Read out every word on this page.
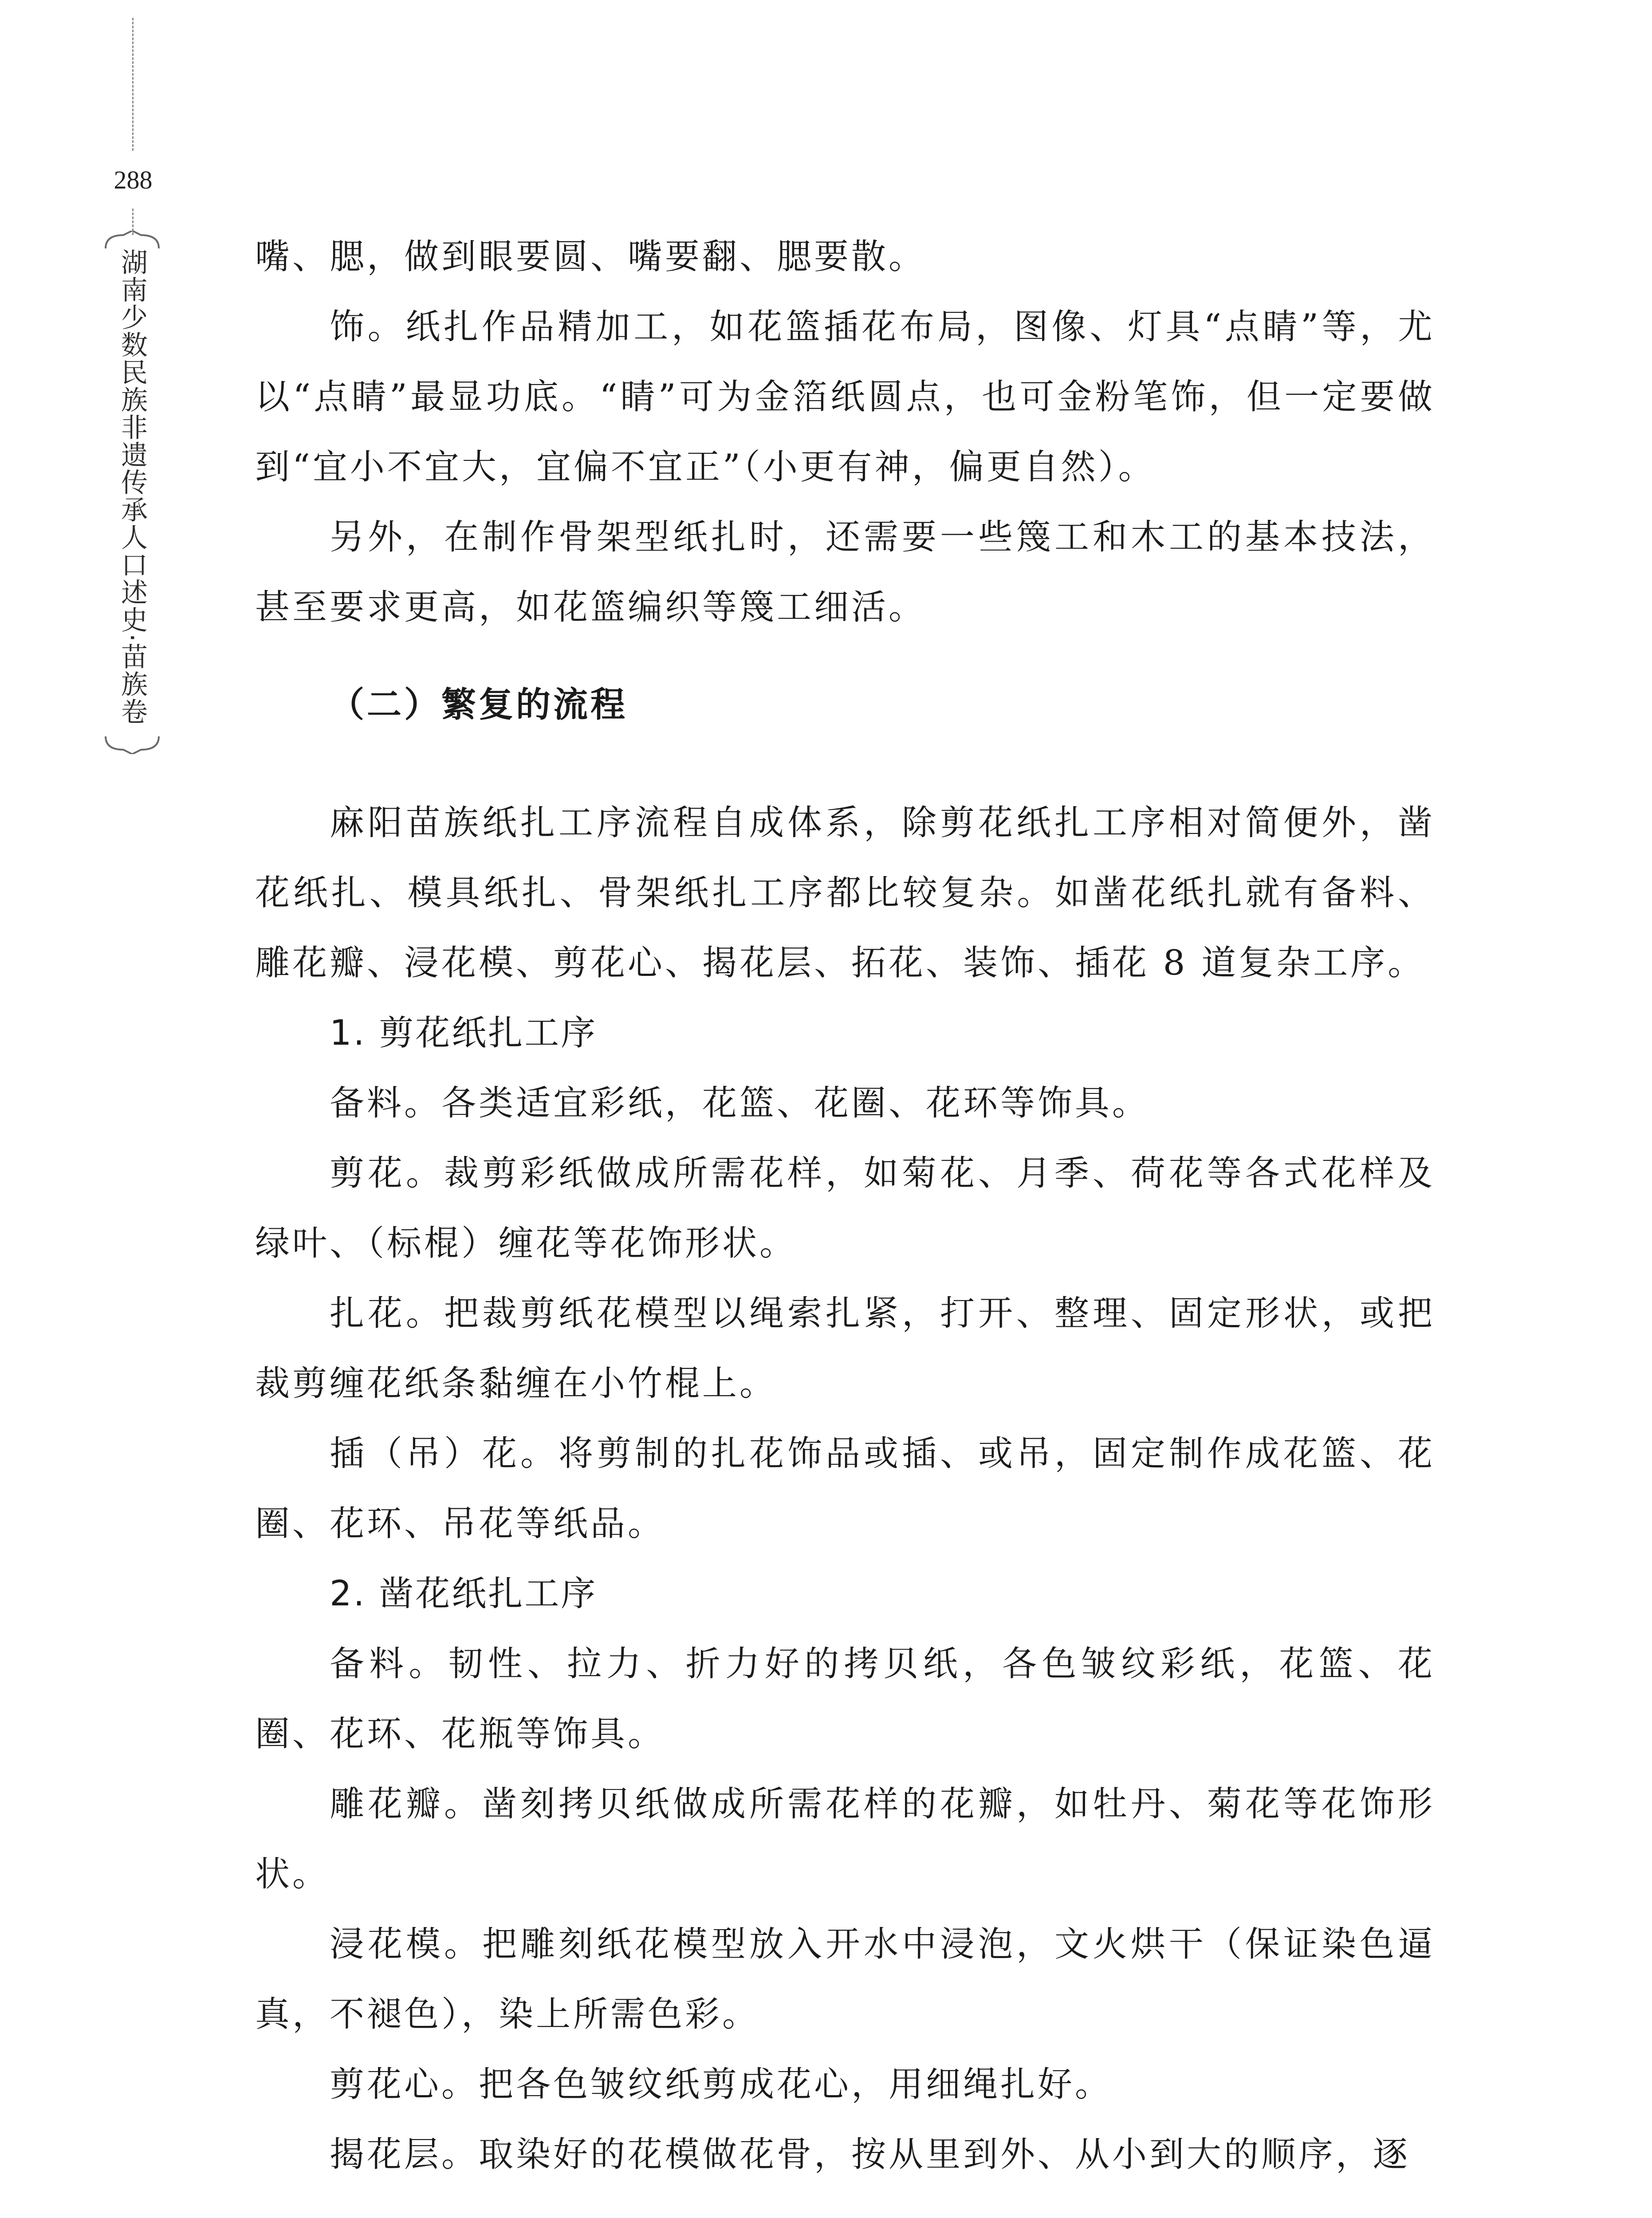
288
湖南少数民族非遗传承人口述史·苗族卷	嘴、腮，做到眼要圆、嘴要翻、腮要散。

饰。纸扎作品精加工，如花篮插花布局，图像、灯具“点睛”等，尤以“点睛”最显功底。“睛”可为金箔纸圆点，也可金粉笔饰，但一定要做到“宜小不宜大，宜偏不宜正”（小更有神，偏更自然）。

另外，在制作骨架型纸扎时，还需要一些篾工和木工的基本技法，甚至要求更高，如花篮编织等篾工细活。

（二）繁复的流程

麻阳苗族纸扎工序流程自成体系，除剪花纸扎工序相对简便外，凿花纸扎、模具纸扎、骨架纸扎工序都比较复杂。如凿花纸扎就有备料、雕花瓣、浸花模、剪花心、揭花层、拓花、装饰、插花 8 道复杂工序。

1. 剪花纸扎工序

备料。各类适宜彩纸，花篮、花圈、花环等饰具。

剪花。裁剪彩纸做成所需花样，如菊花、月季、荷花等各式花样及绿叶、（标棍）缠花等花饰形状。

扎花。把裁剪纸花模型以绳索扎紧，打开、整理、固定形状，或把裁剪缠花纸条黏缠在小竹棍上。

插（吊）花。将剪制的扎花饰品或插、或吊，固定制作成花篮、花圈、花环、吊花等纸品。

2. 凿花纸扎工序

备料。韧性、拉力、折力好的拷贝纸，各色皱纹彩纸，花篮、花圈、花环、花瓶等饰具。

雕花瓣。凿刻拷贝纸做成所需花样的花瓣，如牡丹、菊花等花饰形状。

浸花模。把雕刻纸花模型放入开水中浸泡，文火烘干（保证染色逼真，不褪色），染上所需色彩。

剪花心。把各色皱纹纸剪成花心，用细绳扎好。

揭花层。取染好的花模做花骨，按从里到外、从小到大的顺序，逐
